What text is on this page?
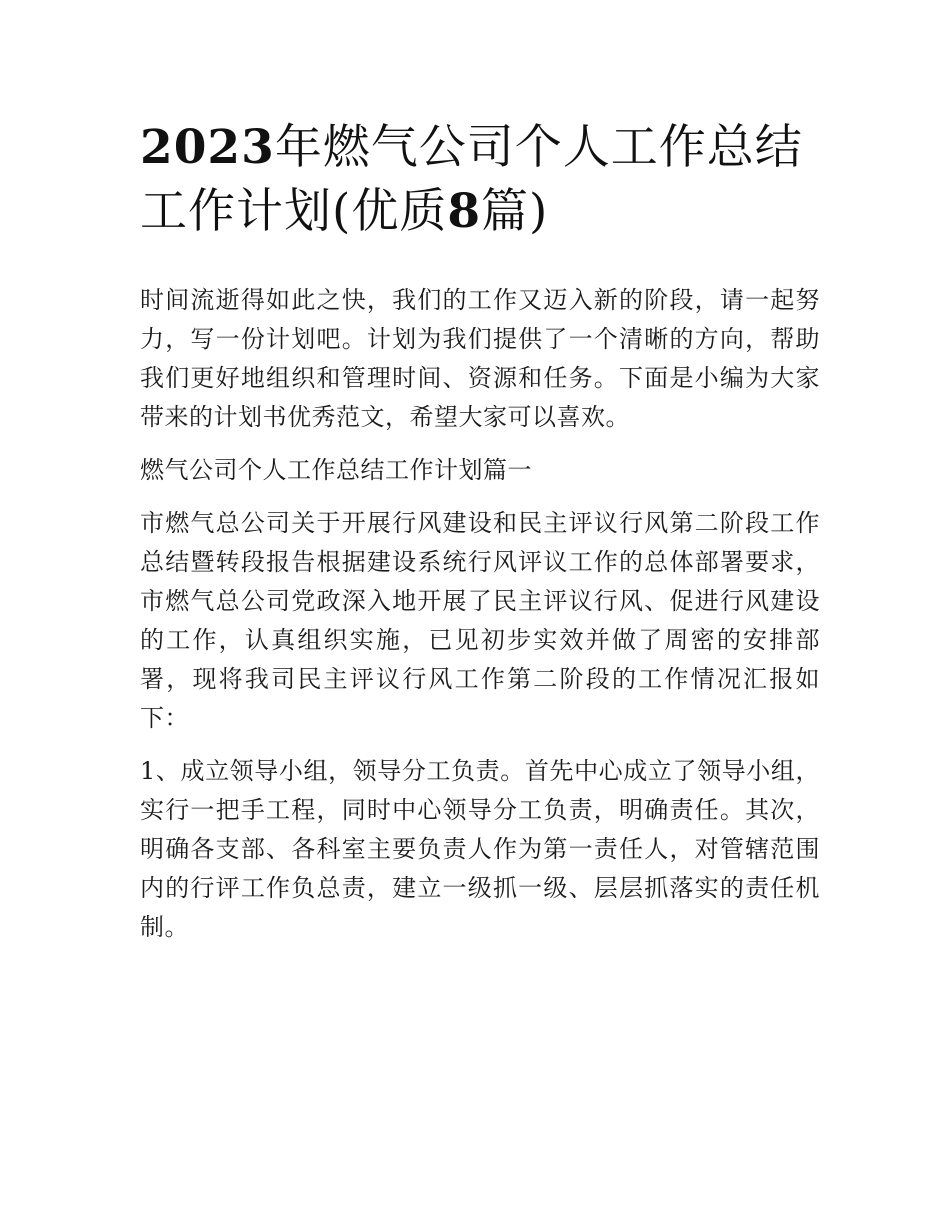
2023年燃气公司个人工作总结
工作计划(优质8篇)

时间流逝得如此之快，我们的工作又迈入新的阶段，请一起努力，写一份计划吧。计划为我们提供了一个清晰的方向，帮助我们更好地组织和管理时间、资源和任务。下面是小编为大家带来的计划书优秀范文，希望大家可以喜欢。

燃气公司个人工作总结工作计划篇一

市燃气总公司关于开展行风建设和民主评议行风第二阶段工作总结暨转段报告根据建设系统行风评议工作的总体部署要求，市燃气总公司党政深入地开展了民主评议行风、促进行风建设的工作，认真组织实施，已见初步实效并做了周密的安排部署，现将我司民主评议行风工作第二阶段的工作情况汇报如下：

1、成立领导小组，领导分工负责。首先中心成立了领导小组，实行一把手工程，同时中心领导分工负责，明确责任。其次，明确各支部、各科室主要负责人作为第一责任人，对管辖范围内的行评工作负总责，建立一级抓一级、层层抓落实的责任机制。
